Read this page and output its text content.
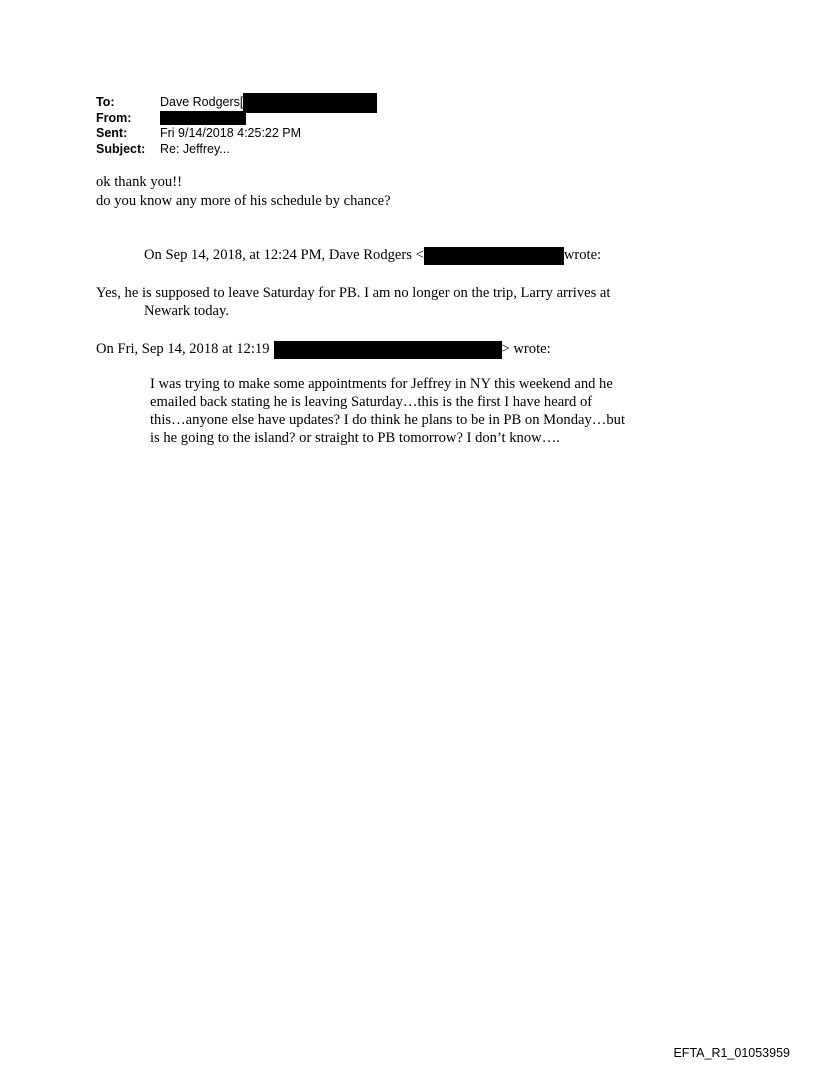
To:	Dave Rodgers[
From:
Sent:	Fri 9/14/2018 4:25:22 PM
Subject:	Re: Jeffrey...
ok thank you!!
do you know any more of his schedule by chance?
On Sep 14, 2018, at 12:24 PM, Dave Rodgers <	wrote:
Yes, he is supposed to leave Saturday for PB. I am no longer on the trip, Larry arrives at
Newark today.
On Fri, Sep 14, 2018 at 12:19	> wrote:
I was trying to make some appointments for Jeffrey in NY this weekend and he
emailed back stating he is leaving Saturday…this is the first I have heard of
this…anyone else have updates? I do think he plans to be in PB on Monday…but
is he going to the island? or straight to PB tomorrow? I don’t know….
EFTA_R1_01053959
